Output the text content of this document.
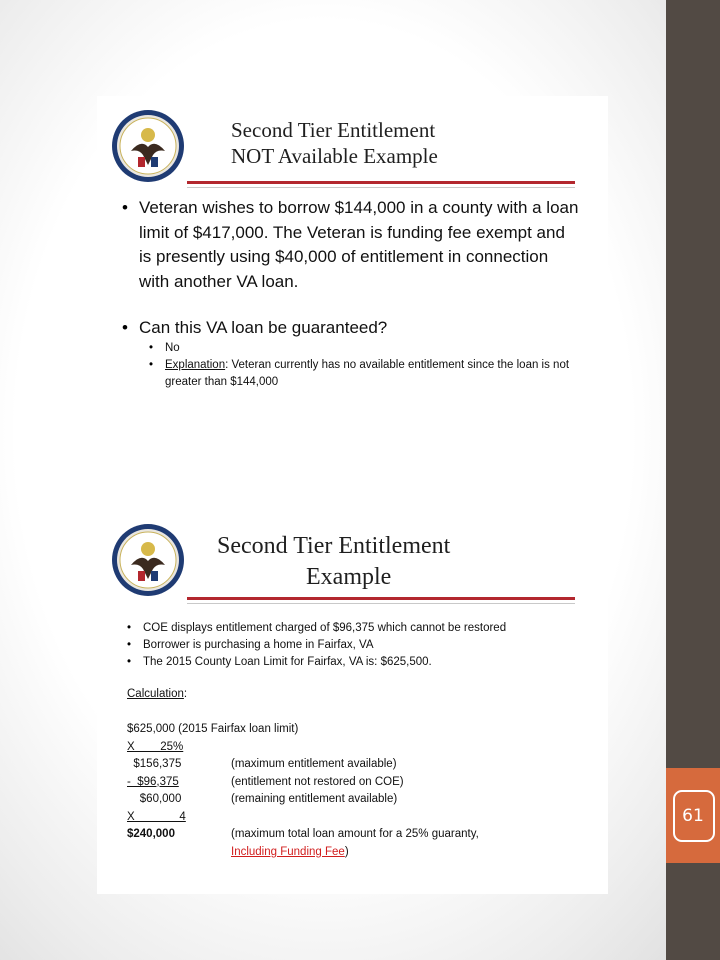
61
Second Tier Entitlement
NOT Available Example
• Veteran wishes to borrow $144,000 in a county with a loan limit of $417,000. The Veteran is funding fee exempt and is presently using $40,000 of entitlement in connection with another VA loan.
• Can this VA loan be guaranteed?
• No
• Explanation: Veteran currently has no available entitlement since the loan is not greater than $144,000
Second Tier Entitlement
Example
• COE displays entitlement charged of $96,375 which cannot be restored
• Borrower is purchasing a home in Fairfax, VA
• The 2015 County Loan Limit for Fairfax, VA is: $625,500.
Calculation:
$625,000 (2015 Fairfax loan limit)
X        25%
$156,375	(maximum entitlement available)
-  $96,375	(entitlement not restored on COE)
$60,000	(remaining entitlement available)
X              4
$240,000	(maximum total loan amount for a 25% guaranty,
Including Funding Fee)
